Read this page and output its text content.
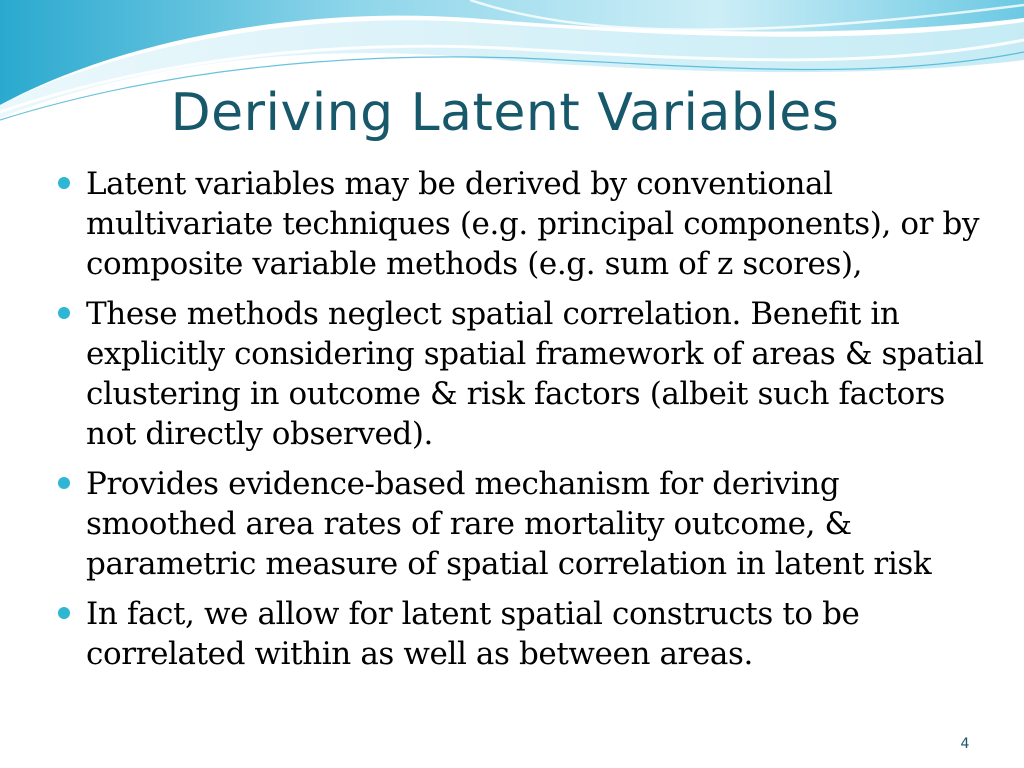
Deriving Latent Variables
Latent variables may be derived by conventional multivariate techniques (e.g. principal components), or by composite variable methods (e.g. sum of z scores),
These methods neglect spatial correlation. Benefit in explicitly considering spatial framework of areas & spatial clustering in outcome & risk factors (albeit such factors not directly observed).
Provides evidence-based mechanism for deriving smoothed area rates of rare mortality outcome, & parametric measure of spatial correlation in latent risk
In fact, we allow for latent spatial constructs to be correlated within as well as between areas.
4
